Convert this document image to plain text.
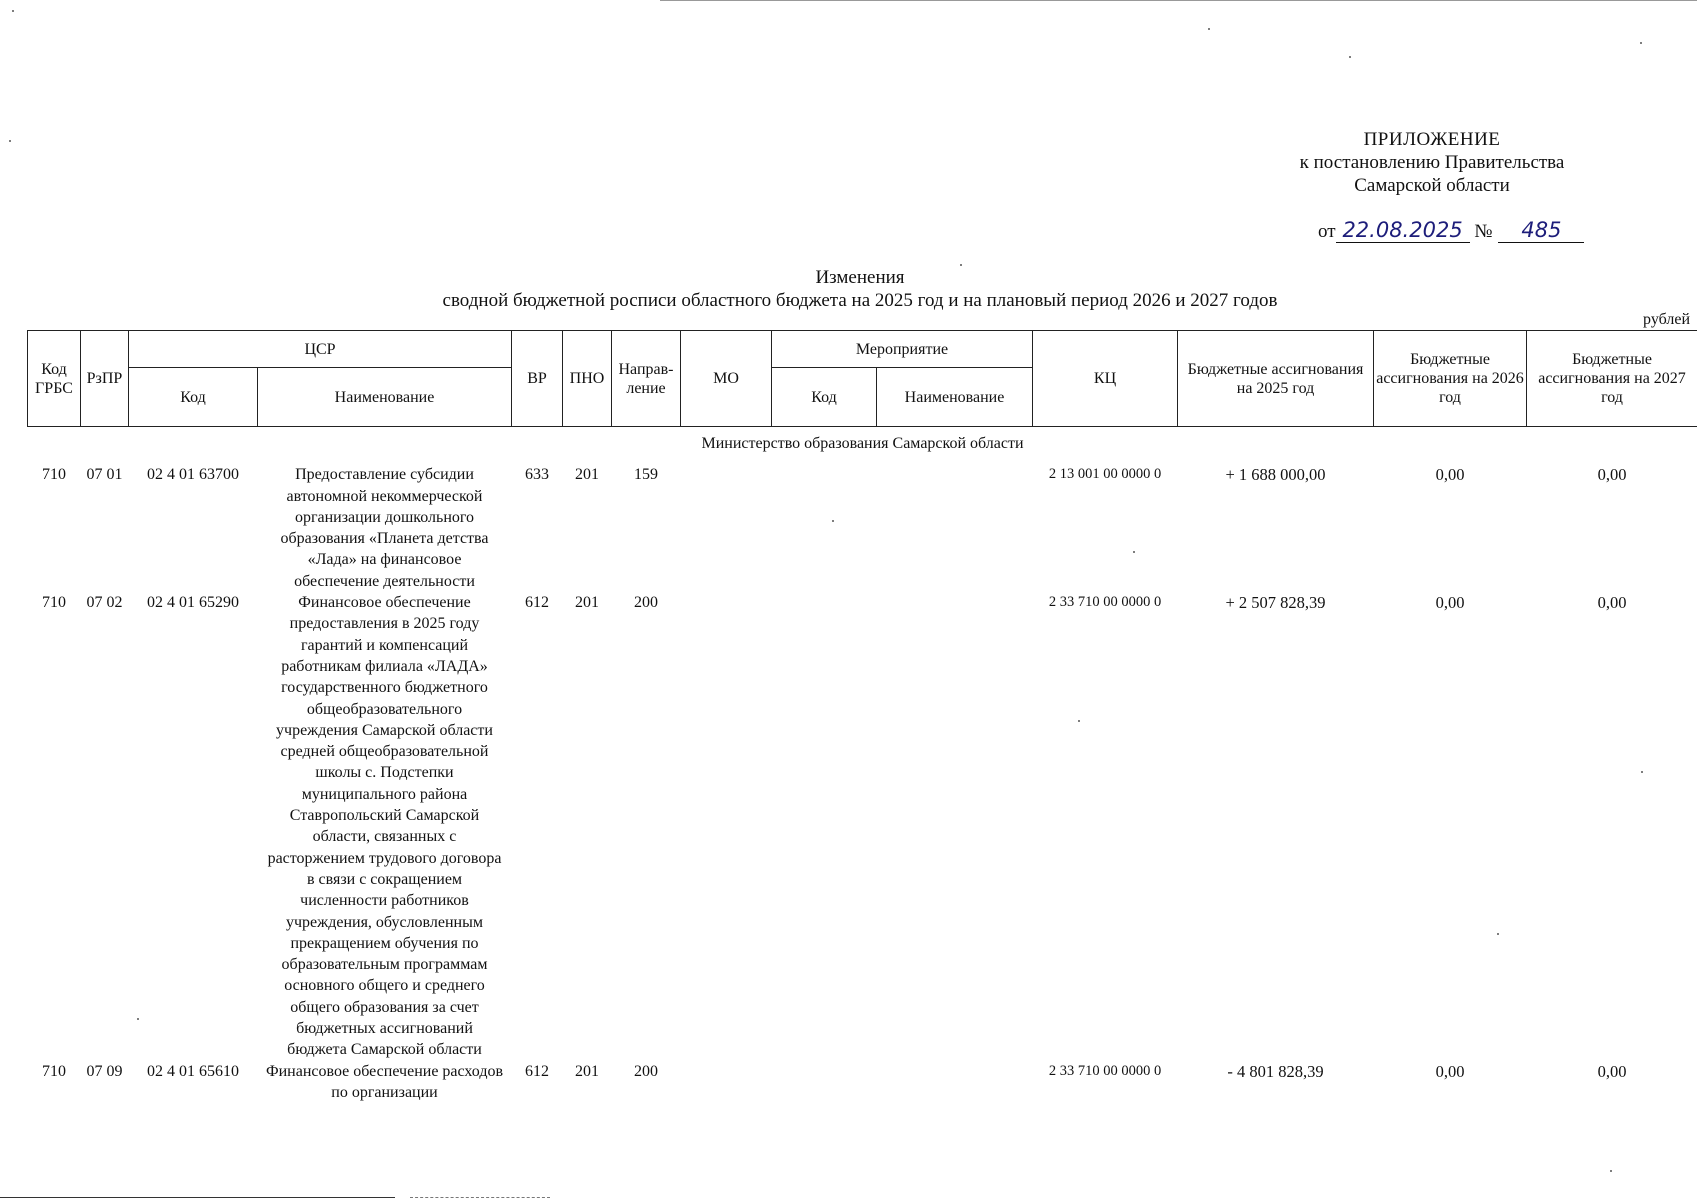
ПРИЛОЖЕНИЕ
к постановлению Правительства
Самарской области
от 22.08.2025 № 485
Изменения
сводной бюджетной росписи областного бюджета на 2025 год и на плановый период 2026 и 2027 годов
рублей
Код ГРБС	РзПР	ЦСР		ВР	ПНО	Направ-ление	МО	Мероприятие		КЦ	Бюджетные ассигнования на 2025 год	Бюджетные ассигнования на 2026 год	Бюджетные ассигнования на 2027 год
		Код	Наименование					Код	Наименование				
Министерство образования Самарской области													
710	07 01	02 4 01 63700	Предоставление субсидии автономной некоммерческой организации дошкольного образования «Планета детства «Лада» на финансовое обеспечение деятельности	633	201	159				2 13 001 00 0000 0	+ 1 688 000,00	0,00	0,00
710	07 02	02 4 01 65290	Финансовое обеспечение предоставления в 2025 году гарантий и компенсаций работникам филиала «ЛАДА» государственного бюджетного общеобразовательного учреждения Самарской области средней общеобразовательной школы с. Подстепки муниципального района Ставропольский Самарской области, связанных с расторжением трудового договора в связи с сокращением численности работников учреждения, обусловленным прекращением обучения по образовательным программам основного общего и среднего общего образования за счет бюджетных ассигнований бюджета Самарской области	612	201	200				2 33 710 00 0000 0	+ 2 507 828,39	0,00	0,00
710	07 09	02 4 01 65610	Финансовое обеспечение расходов по организации	612	201	200				2 33 710 00 0000 0	- 4 801 828,39	0,00	0,00
